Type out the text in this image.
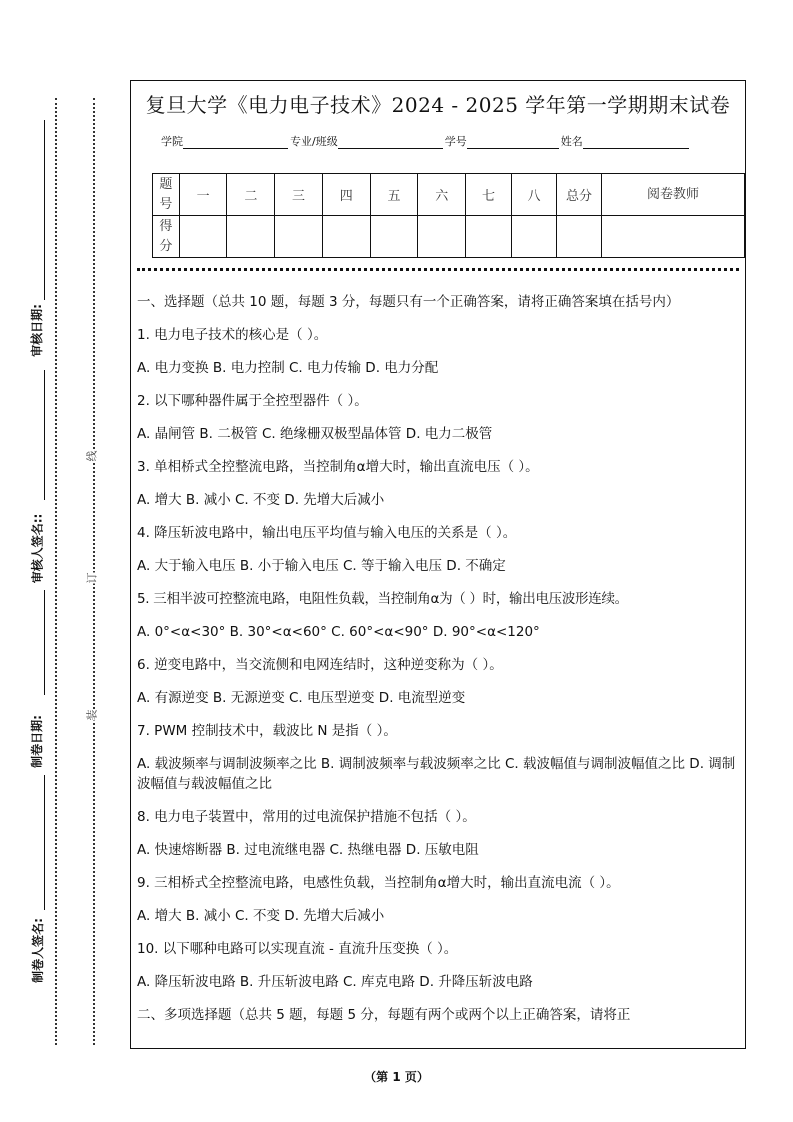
审核日期:
审核人签名::
制卷日期:
制卷人签名:
线
订
装
复旦大学《电力电子技术》2024 - 2025 学年第一学期期末试卷
学院	专业/班级	学号	姓名
题号	一	二	三	四	五	六	七	八	总分	阅卷教师
得分										
一、选择题（总共 10 题，每题 3 分，每题只有一个正确答案，请将正确答案填在括号内）
1. 电力电子技术的核心是（ ）。
A. 电力变换 B. 电力控制 C. 电力传输 D. 电力分配
2. 以下哪种器件属于全控型器件（ ）。
A. 晶闸管 B. 二极管 C. 绝缘栅双极型晶体管 D. 电力二极管
3. 单相桥式全控整流电路，当控制角α增大时，输出直流电压（ ）。
A. 增大 B. 减小 C. 不变 D. 先增大后减小
4. 降压斩波电路中，输出电压平均值与输入电压的关系是（ ）。
A. 大于输入电压 B. 小于输入电压 C. 等于输入电压 D. 不确定
5. 三相半波可控整流电路，电阻性负载，当控制角α为（ ）时，输出电压波形连续。
A. 0°<α<30° B. 30°<α<60° C. 60°<α<90° D. 90°<α<120°
6. 逆变电路中，当交流侧和电网连结时，这种逆变称为（ ）。
A. 有源逆变 B. 无源逆变 C. 电压型逆变 D. 电流型逆变
7. PWM 控制技术中，载波比 N 是指（ ）。
A. 载波频率与调制波频率之比 B. 调制波频率与载波频率之比 C. 载波幅值与调制波幅值之比 D. 调制波幅值与载波幅值之比
8. 电力电子装置中，常用的过电流保护措施不包括（ ）。
A. 快速熔断器 B. 过电流继电器 C. 热继电器 D. 压敏电阻
9. 三相桥式全控整流电路，电感性负载，当控制角α增大时，输出直流电流（ ）。
A. 增大 B. 减小 C. 不变 D. 先增大后减小
10. 以下哪种电路可以实现直流 - 直流升压变换（ ）。
A. 降压斩波电路 B. 升压斩波电路 C. 库克电路 D. 升降压斩波电路
二、多项选择题（总共 5 题，每题 5 分，每题有两个或两个以上正确答案，请将正
（第 1 页）
